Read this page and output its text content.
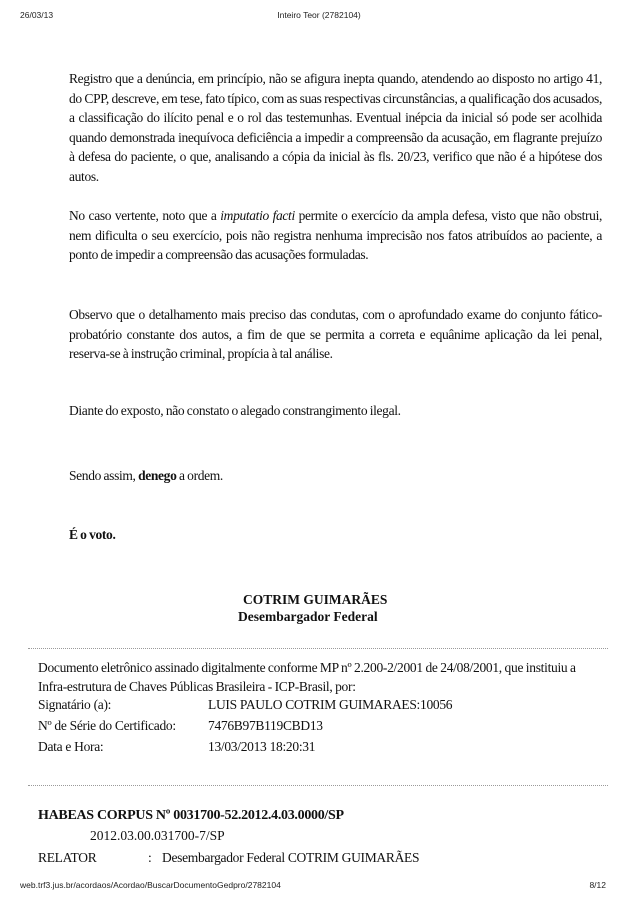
26/03/13	Inteiro Teor (2782104)

Registro que a denúncia, em princípio, não se afigura inepta quando, atendendo ao disposto no artigo 41, do CPP, descreve, em tese, fato típico, com as suas respectivas circunstâncias, a qualificação dos acusados, a classificação do ilícito penal e o rol das testemunhas. Eventual inépcia da inicial só pode ser acolhida quando demonstrada inequívoca deficiência a impedir a compreensão da acusação, em flagrante prejuízo à defesa do paciente, o que, analisando a cópia da inicial às fls. 20/23, verifico que não é a hipótese dos autos.

No caso vertente, noto que a imputatio facti permite o exercício da ampla defesa, visto que não obstrui, nem dificulta o seu exercício, pois não registra nenhuma imprecisão nos fatos atribuídos ao paciente, a ponto de impedir a compreensão das acusações formuladas.

Observo que o detalhamento mais preciso das condutas, com o aprofundado exame do conjunto fático-probatório constante dos autos, a fim de que se permita a correta e equânime aplicação da lei penal, reserva-se à instrução criminal, propícia à tal análise.

Diante do exposto, não constato o alegado constrangimento ilegal.

Sendo assim, denego a ordem.

É o voto.

COTRIM GUIMARÃES
Desembargador Federal
Documento eletrônico assinado digitalmente conforme MP nº 2.200-2/2001 de 24/08/2001, que instituiu a Infra-estrutura de Chaves Públicas Brasileira - ICP-Brasil, por:
Signatário (a):	LUIS PAULO COTRIM GUIMARAES:10056
Nº de Série do Certificado: 7476B97B119CBD13
Data e Hora:	13/03/2013 18:20:31
HABEAS CORPUS Nº 0031700-52.2012.4.03.0000/SP
2012.03.00.031700-7/SP
RELATOR	: Desembargador Federal COTRIM GUIMARÃES
web.trf3.jus.br/acordaos/Acordao/BuscarDocumentoGedpro/2782104	8/12
